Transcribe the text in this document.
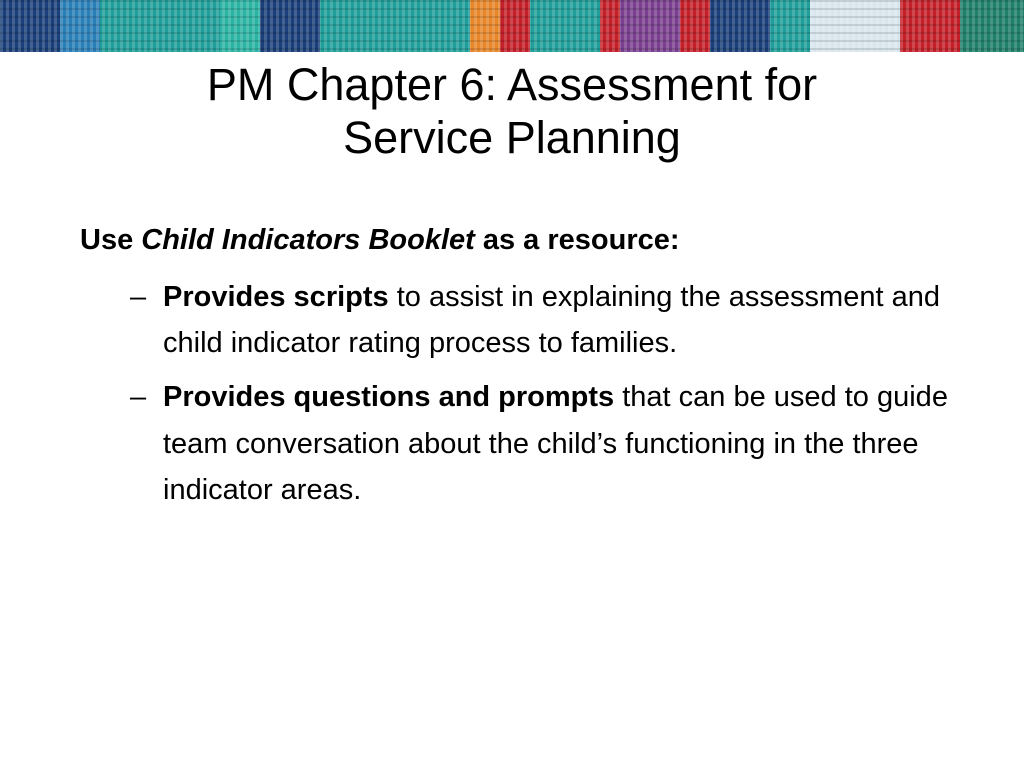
PM Chapter 6: Assessment for
Service Planning

Use Child Indicators Booklet as a resource:

– Provides scripts to assist in explaining the assessment and child indicator rating process to families.

– Provides questions and prompts that can be used to guide team conversation about the child’s functioning in the three indicator areas.
